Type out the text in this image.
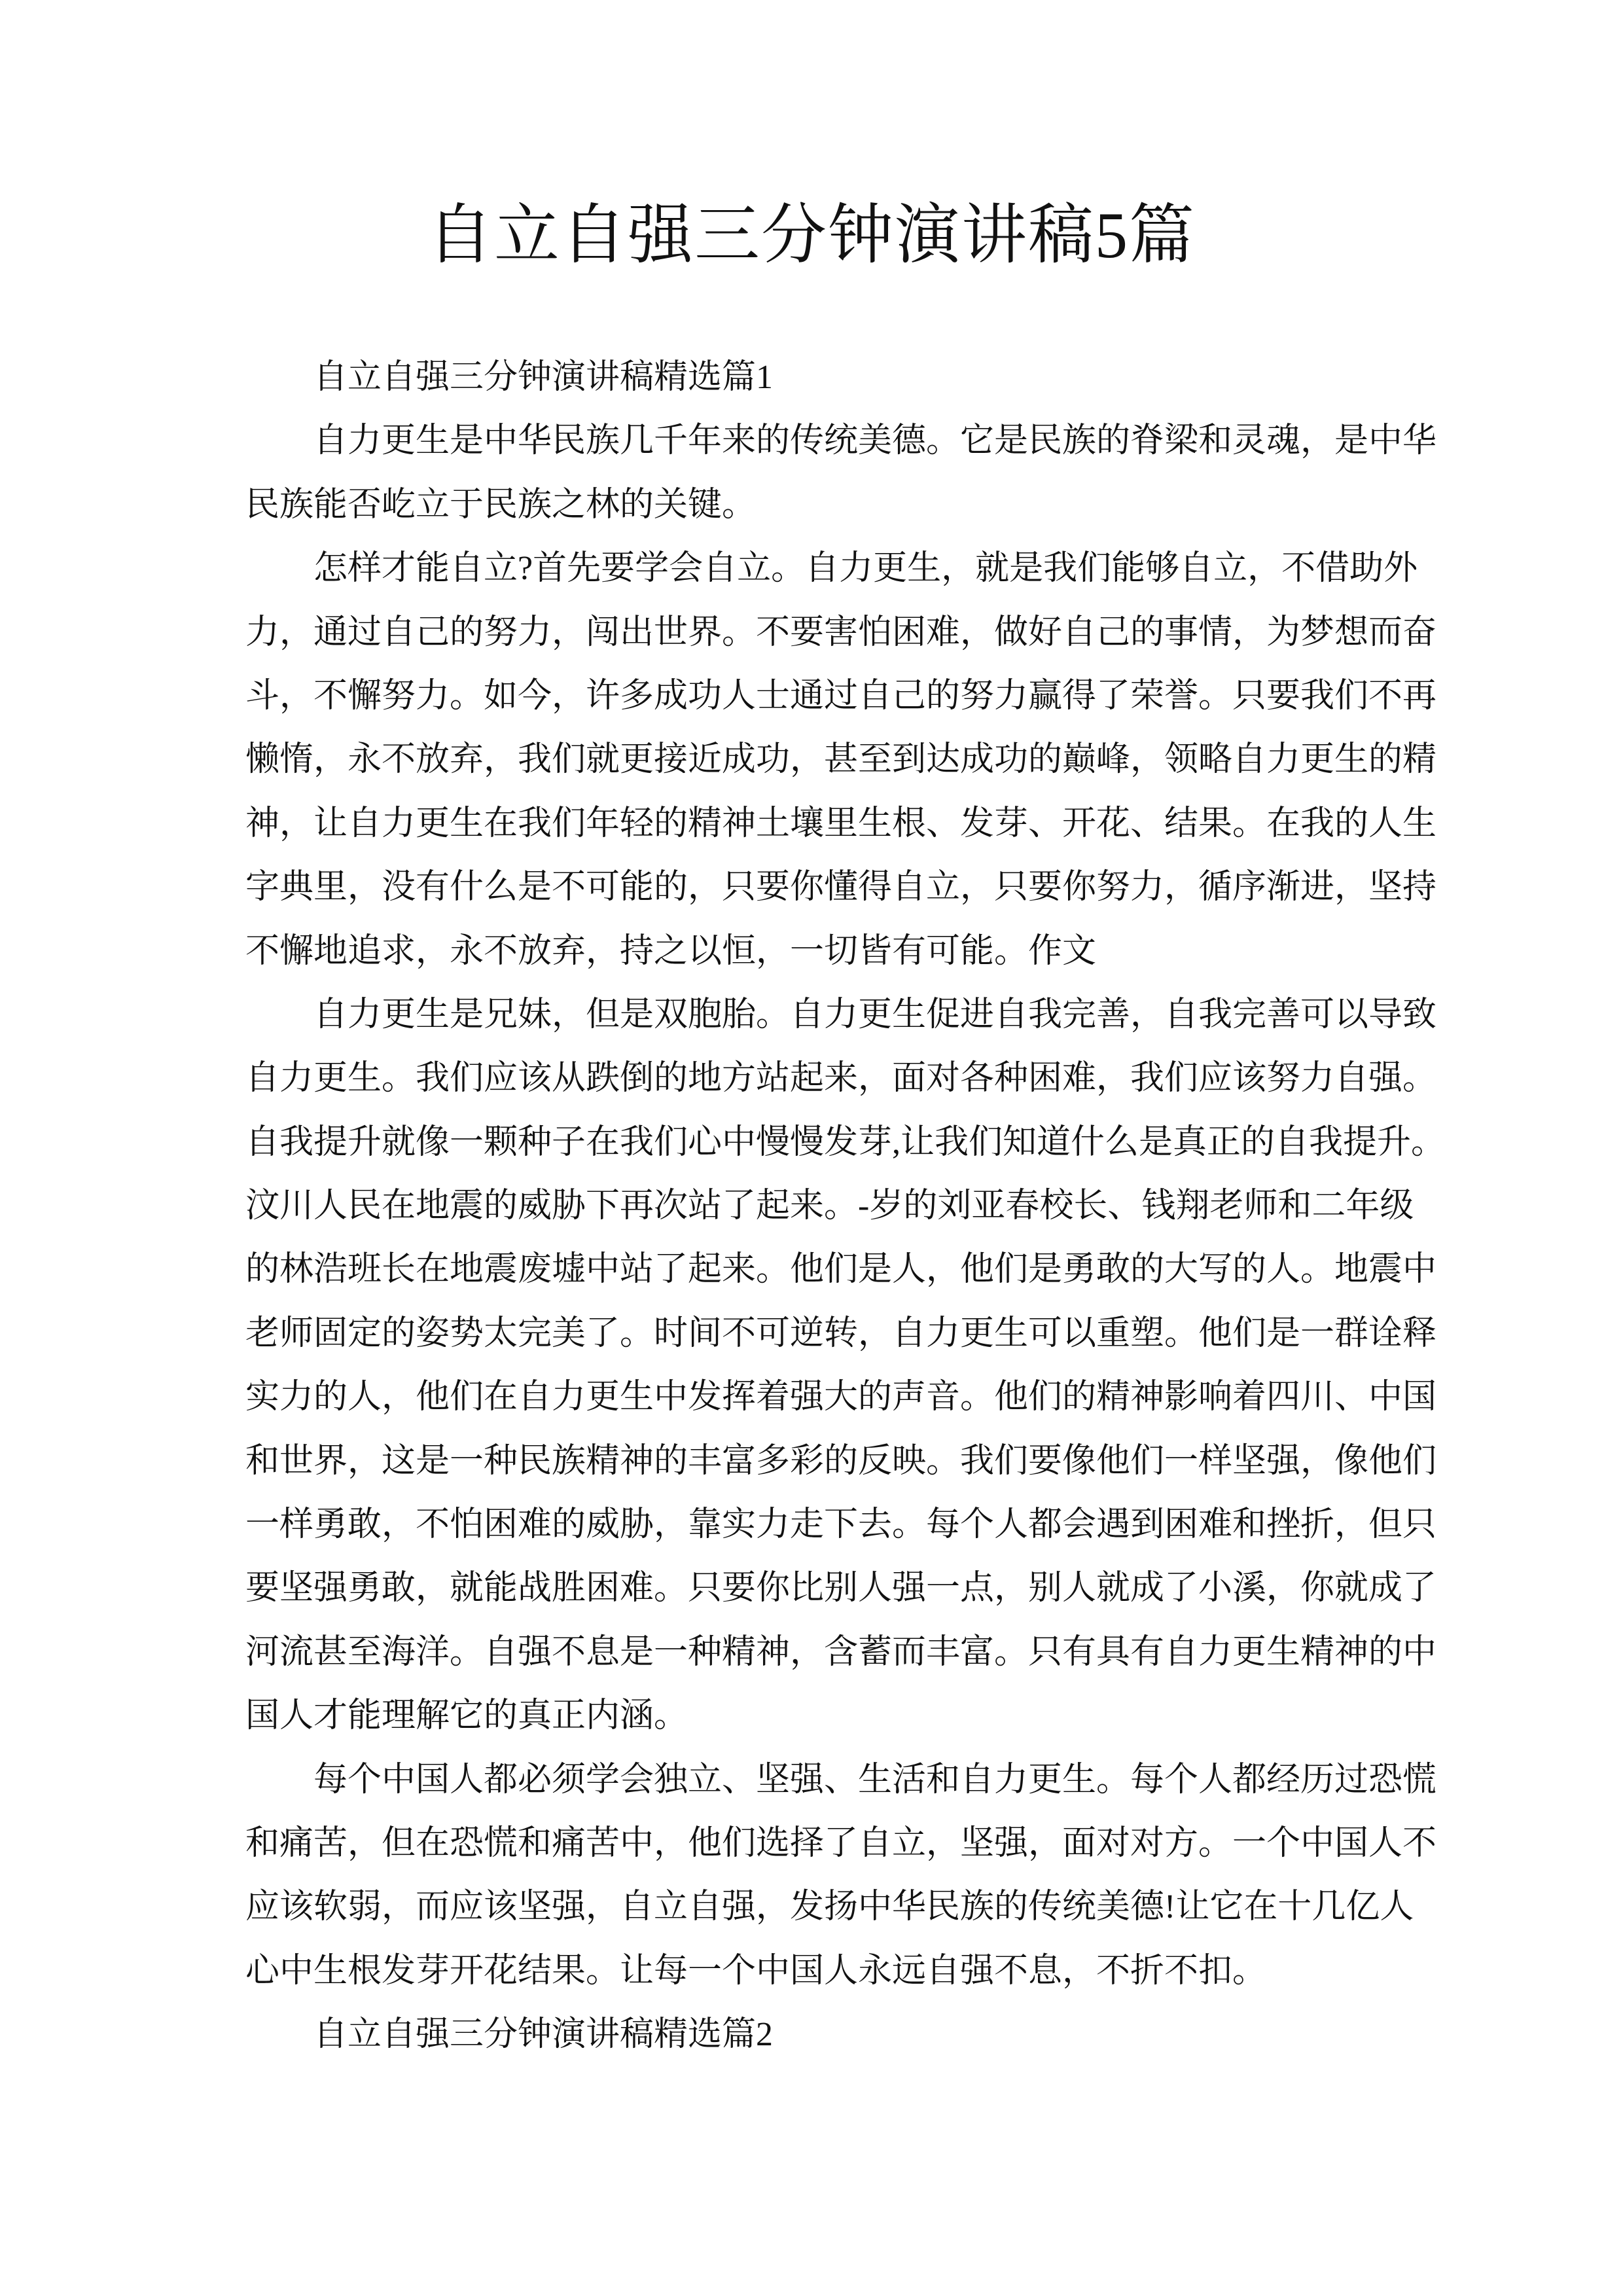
自立自强三分钟演讲稿5篇
自立自强三分钟演讲稿精选篇1
自力更生是中华民族几千年来的传统美德。它是民族的脊梁和灵魂，是中华
民族能否屹立于民族之林的关键。
怎样才能自立?首先要学会自立。自力更生，就是我们能够自立，不借助外
力，通过自己的努力，闯出世界。不要害怕困难，做好自己的事情，为梦想而奋
斗，不懈努力。如今，许多成功人士通过自己的努力赢得了荣誉。只要我们不再
懒惰，永不放弃，我们就更接近成功，甚至到达成功的巅峰，领略自力更生的精
神，让自力更生在我们年轻的精神土壤里生根、发芽、开花、结果。在我的人生
字典里，没有什么是不可能的，只要你懂得自立，只要你努力，循序渐进，坚持
不懈地追求，永不放弃，持之以恒，一切皆有可能。作文
自力更生是兄妹，但是双胞胎。自力更生促进自我完善，自我完善可以导致
自力更生。我们应该从跌倒的地方站起来，面对各种困难，我们应该努力自强。
自我提升就像一颗种子在我们心中慢慢发芽,让我们知道什么是真正的自我提升。
汶川人民在地震的威胁下再次站了起来。-岁的刘亚春校长、钱翔老师和二年级
的林浩班长在地震废墟中站了起来。他们是人，他们是勇敢的大写的人。地震中
老师固定的姿势太完美了。时间不可逆转，自力更生可以重塑。他们是一群诠释
实力的人，他们在自力更生中发挥着强大的声音。他们的精神影响着四川、中国
和世界，这是一种民族精神的丰富多彩的反映。我们要像他们一样坚强，像他们
一样勇敢，不怕困难的威胁，靠实力走下去。每个人都会遇到困难和挫折，但只
要坚强勇敢，就能战胜困难。只要你比别人强一点，别人就成了小溪，你就成了
河流甚至海洋。自强不息是一种精神，含蓄而丰富。只有具有自力更生精神的中
国人才能理解它的真正内涵。
每个中国人都必须学会独立、坚强、生活和自力更生。每个人都经历过恐慌
和痛苦，但在恐慌和痛苦中，他们选择了自立，坚强，面对对方。一个中国人不
应该软弱，而应该坚强，自立自强，发扬中华民族的传统美德!让它在十几亿人
心中生根发芽开花结果。让每一个中国人永远自强不息，不折不扣。
自立自强三分钟演讲稿精选篇2
